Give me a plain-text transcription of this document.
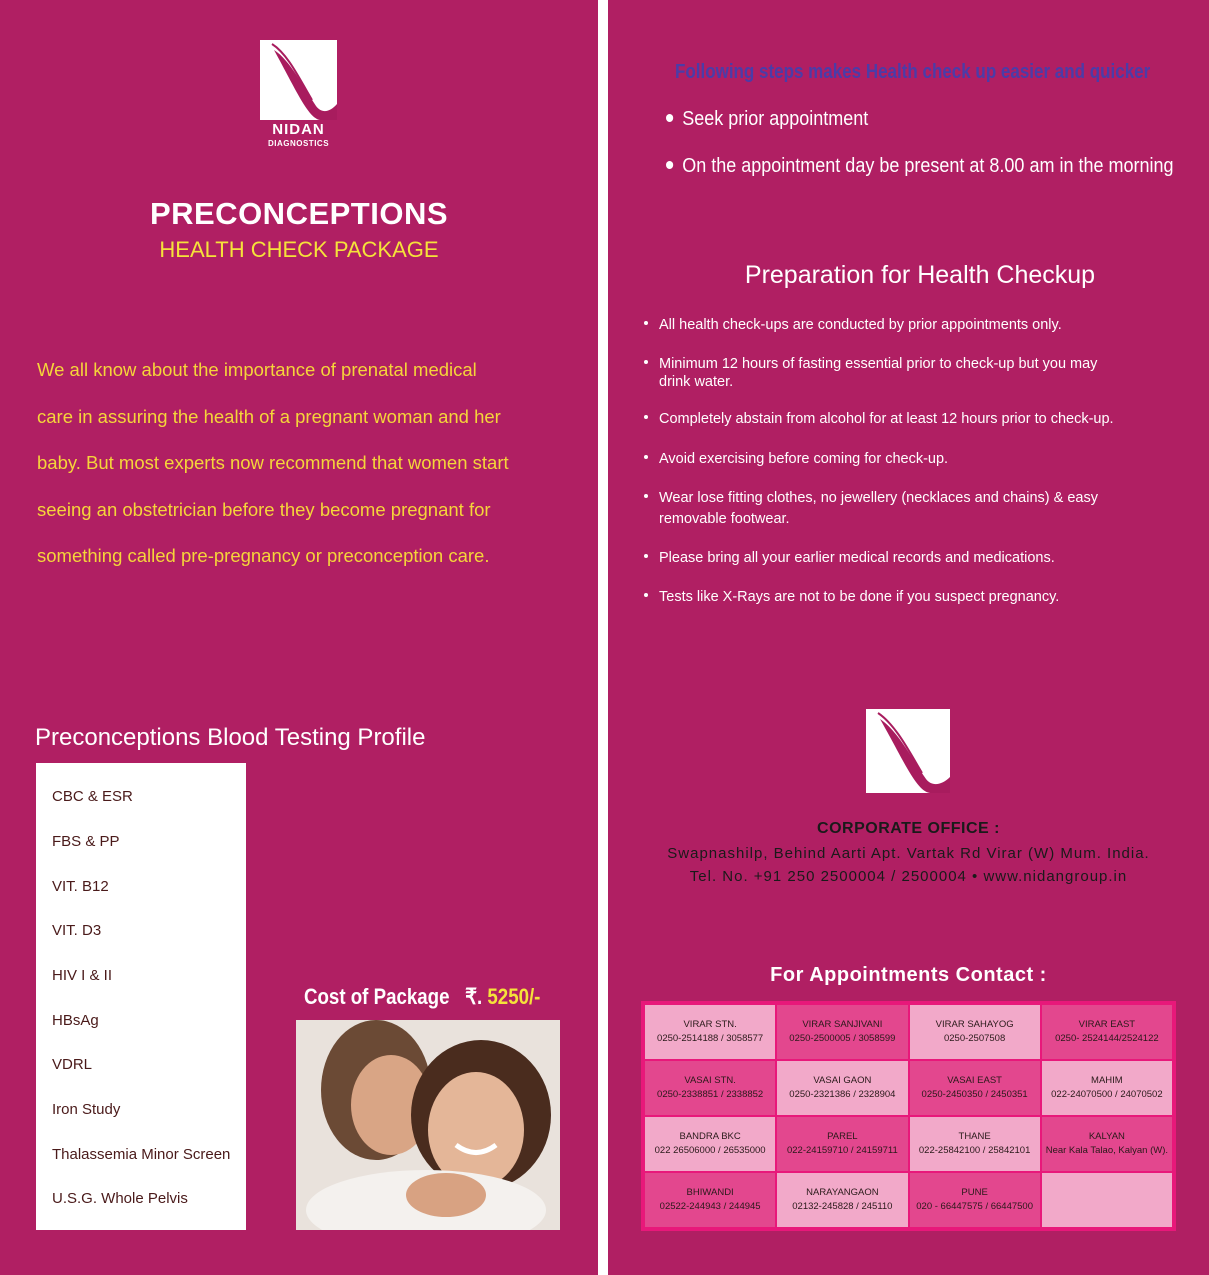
NIDAN
DIAGNOSTICS
PRECONCEPTIONS
HEALTH CHECK PACKAGE
We all know about the importance of prenatal medical
care in assuring the health of a pregnant woman and her
baby. But most experts now recommend that women start
seeing an obstetrician before they become pregnant for
something called pre-pregnancy or preconception care.
Preconceptions Blood Testing Profile
CBC & ESR
FBS & PP
VIT. B12
VIT. D3
HIV I & II
HBsAg
VDRL
Iron Study
Thalassemia Minor Screen
U.S.G. Whole Pelvis
Cost of Package ₹. 5250/-
Following steps makes Health check up easier and quicker
Seek prior appointment
On the appointment day be present at 8.00 am in the morning
Preparation for Health Checkup
All health check-ups are conducted by prior appointments only.
Minimum 12 hours of fasting essential prior to check-up but you may
drink water.
Completely abstain from alcohol for at least 12 hours prior to check-up.
Avoid exercising before coming for check-up.
Wear lose fitting clothes, no jewellery (necklaces and chains) & easy
removable footwear.
Please bring all your earlier medical records and medications.
Tests like X-Rays are not to be done if you suspect pregnancy.
CORPORATE OFFICE :
Swapnashilp, Behind Aarti Apt. Vartak Rd Virar (W) Mum. India.
Tel. No. +91 250 2500004 / 2500004 • www.nidangroup.in
For Appointments Contact :
VIRAR STN.
0250-2514188 / 3058577
VIRAR SANJIVANI
0250-2500005 / 3058599
VIRAR SAHAYOG
0250-2507508
VIRAR EAST
0250- 2524144/2524122
VASAI STN.
0250-2338851 / 2338852
VASAI GAON
0250-2321386 / 2328904
VASAI EAST
0250-2450350 / 2450351
MAHIM
022-24070500 / 24070502
BANDRA BKC
022 26506000 / 26535000
PAREL
022-24159710 / 24159711
THANE
022-25842100 / 25842101
KALYAN
Near Kala Talao, Kalyan (W).
BHIWANDI
02522-244943 / 244945
NARAYANGAON
02132-245828 / 245110
PUNE
020 - 66447575 / 66447500
